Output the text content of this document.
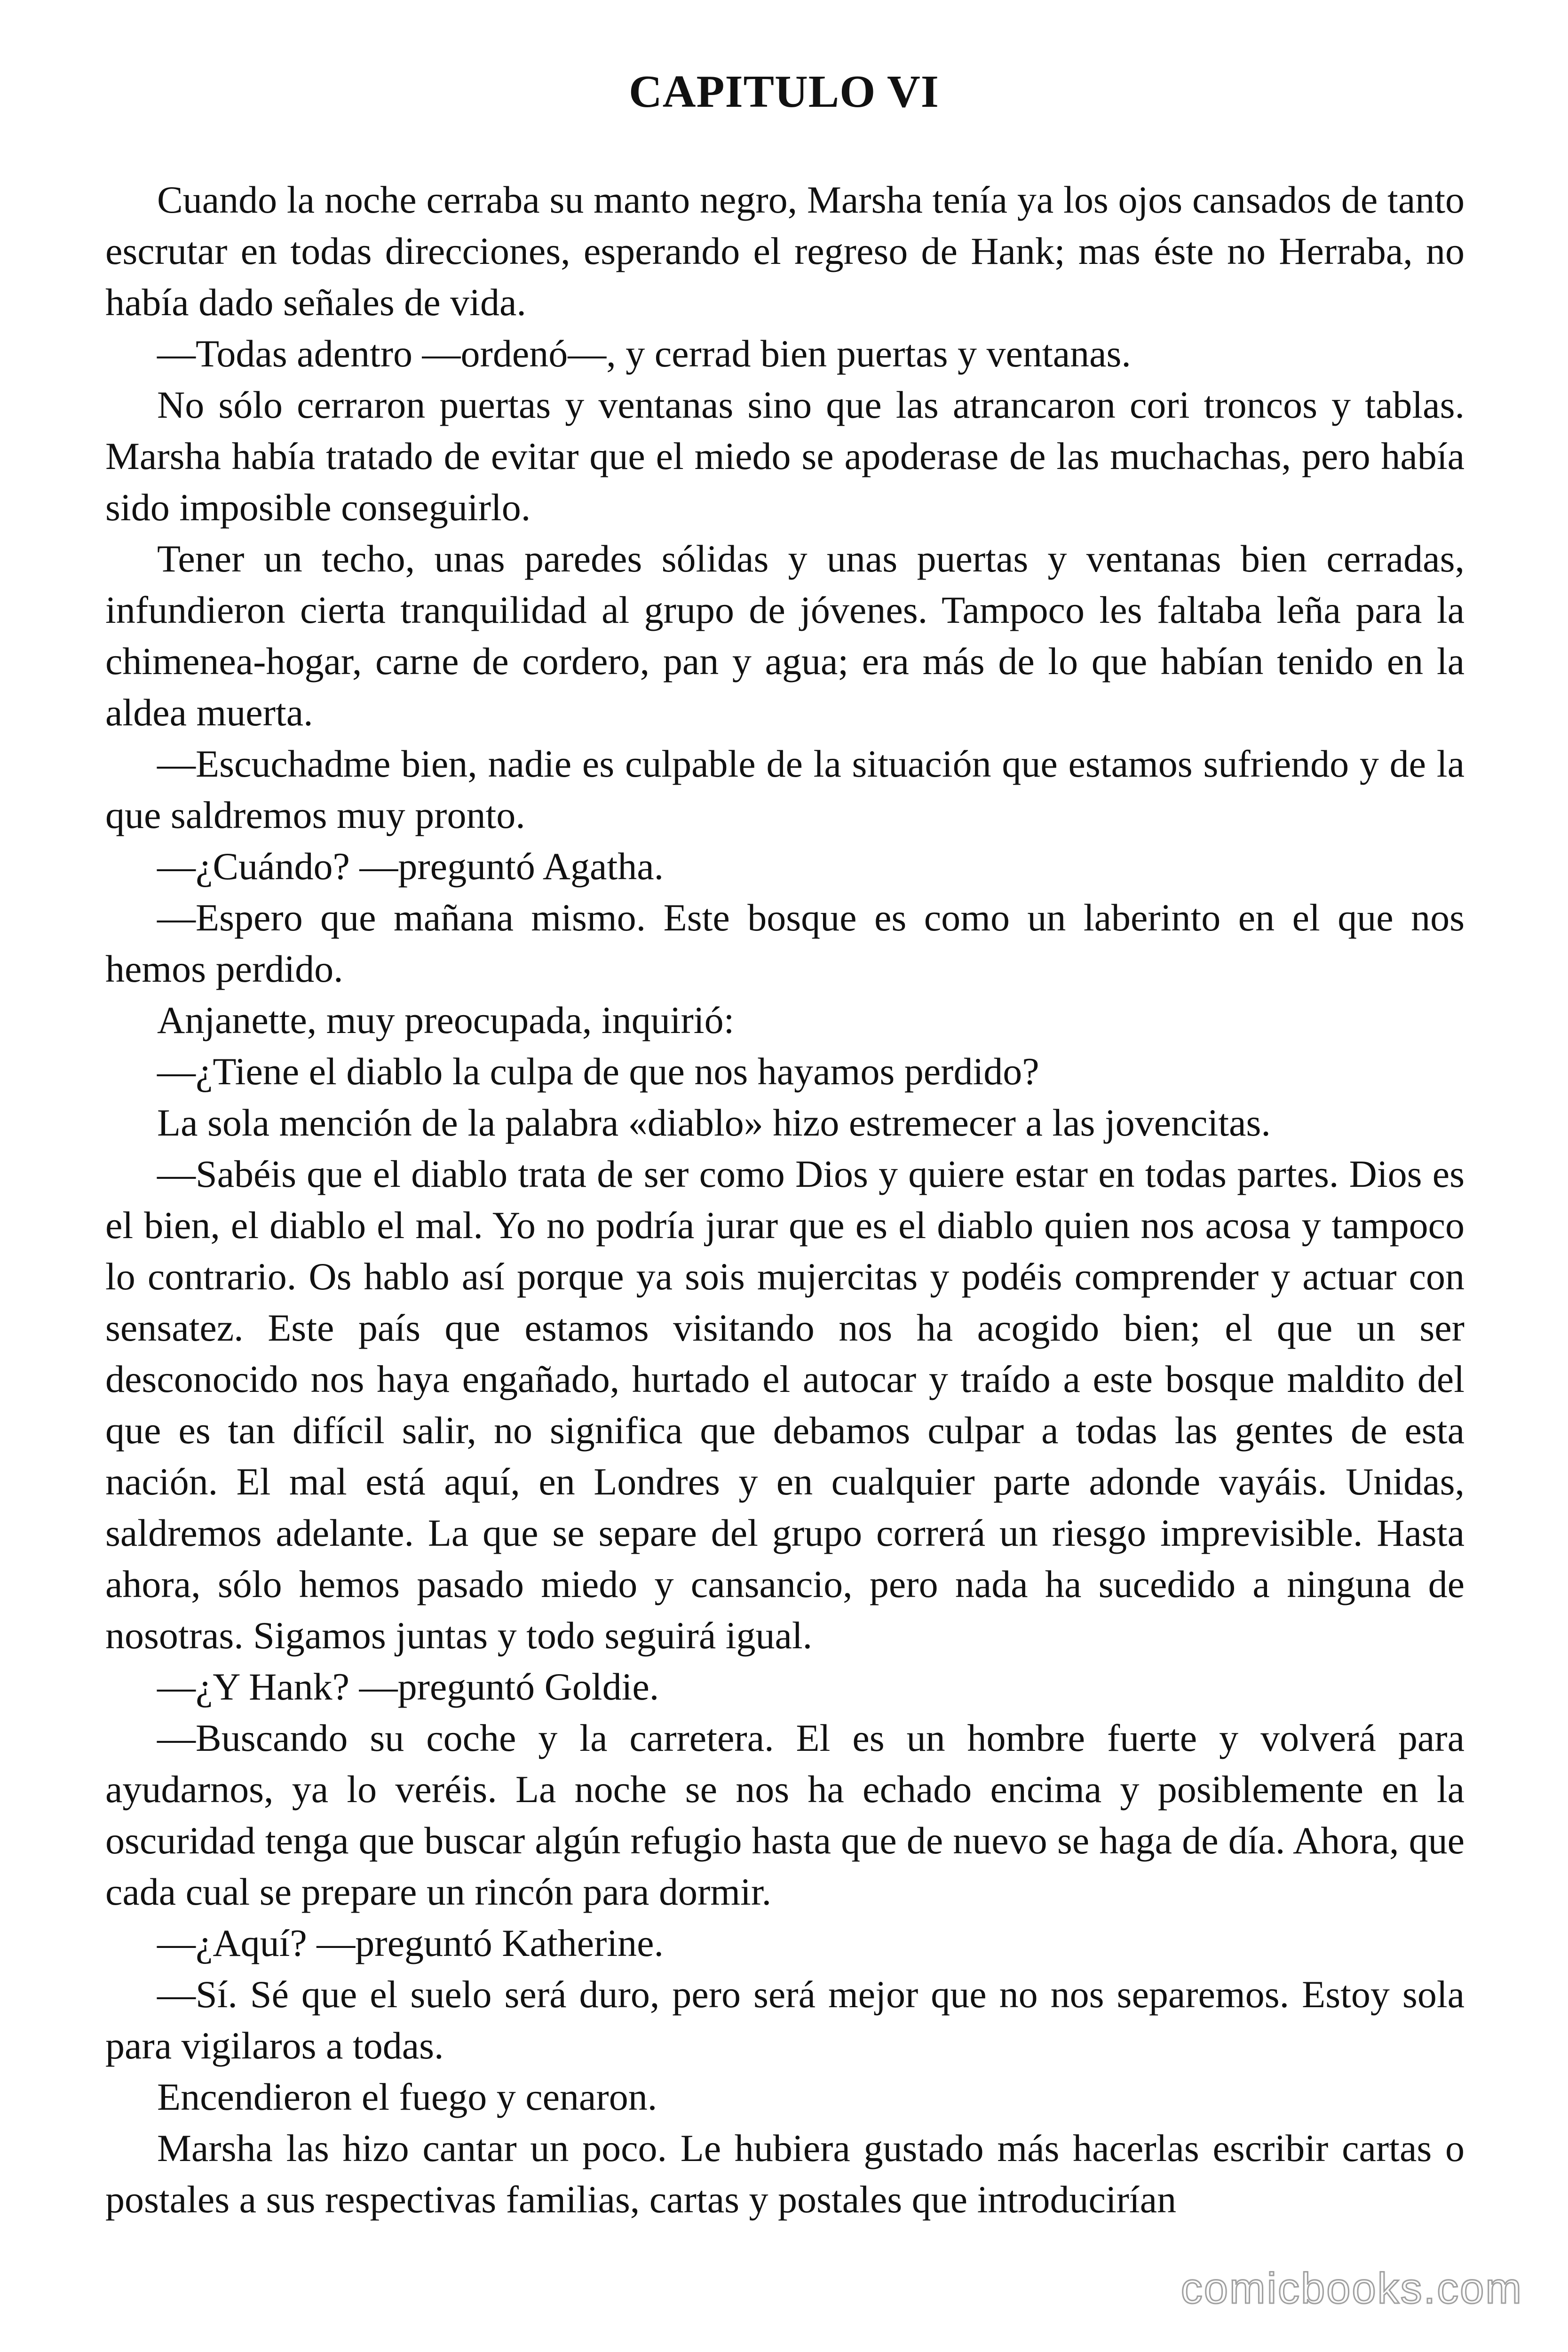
CAPITULO VI

Cuando la noche cerraba su manto negro, Marsha tenía ya los ojos cansados de tanto escrutar en todas direcciones, esperando el regreso de Hank; mas éste no Herraba, no había dado señales de vida.

—Todas adentro —ordenó—, y cerrad bien puertas y ventanas.

No sólo cerraron puertas y ventanas sino que las atrancaron cori troncos y tablas. Marsha había tratado de evitar que el miedo se apoderase de las muchachas, pero había sido imposible conseguirlo.

Tener un techo, unas paredes sólidas y unas puertas y ventanas bien cerradas, infundieron cierta tranquilidad al grupo de jóvenes. Tampoco les faltaba leña para la chimenea-hogar, carne de cordero, pan y agua; era más de lo que habían tenido en la aldea muerta.

—Escuchadme bien, nadie es culpable de la situación que estamos sufriendo y de la que saldremos muy pronto.

—¿Cuándo? —preguntó Agatha.

—Espero que mañana mismo. Este bosque es como un laberinto en el que nos hemos perdido.

Anjanette, muy preocupada, inquirió:

—¿Tiene el diablo la culpa de que nos hayamos perdido?

La sola mención de la palabra «diablo» hizo estremecer a las jovencitas.

—Sabéis que el diablo trata de ser como Dios y quiere estar en todas partes. Dios es el bien, el diablo el mal. Yo no podría jurar que es el diablo quien nos acosa y tampoco lo contrario. Os hablo así porque ya sois mujercitas y podéis comprender y actuar con sensatez. Este país que estamos visitando nos ha acogido bien; el que un ser desconocido nos haya engañado, hurtado el autocar y traído a este bosque maldito del que es tan difícil salir, no significa que debamos culpar a todas las gentes de esta nación. El mal está aquí, en Londres y en cualquier parte adonde vayáis. Unidas, saldremos adelante. La que se separe del grupo correrá un riesgo imprevisible. Hasta ahora, sólo hemos pasado miedo y cansancio, pero nada ha sucedido a ninguna de nosotras. Sigamos juntas y todo seguirá igual.

—¿Y Hank? —preguntó Goldie.

—Buscando su coche y la carretera. El es un hombre fuerte y volverá para ayudarnos, ya lo veréis. La noche se nos ha echado encima y posiblemente en la oscuridad tenga que buscar algún refugio hasta que de nuevo se haga de día. Ahora, que cada cual se prepare un rincón para dormir.

—¿Aquí? —preguntó Katherine.

—Sí. Sé que el suelo será duro, pero será mejor que no nos separemos. Estoy sola para vigilaros a todas.

Encendieron el fuego y cenaron.

Marsha las hizo cantar un poco. Le hubiera gustado más hacerlas escribir cartas o postales a sus respectivas familias, cartas y postales que introducirían

comicbooks.com
